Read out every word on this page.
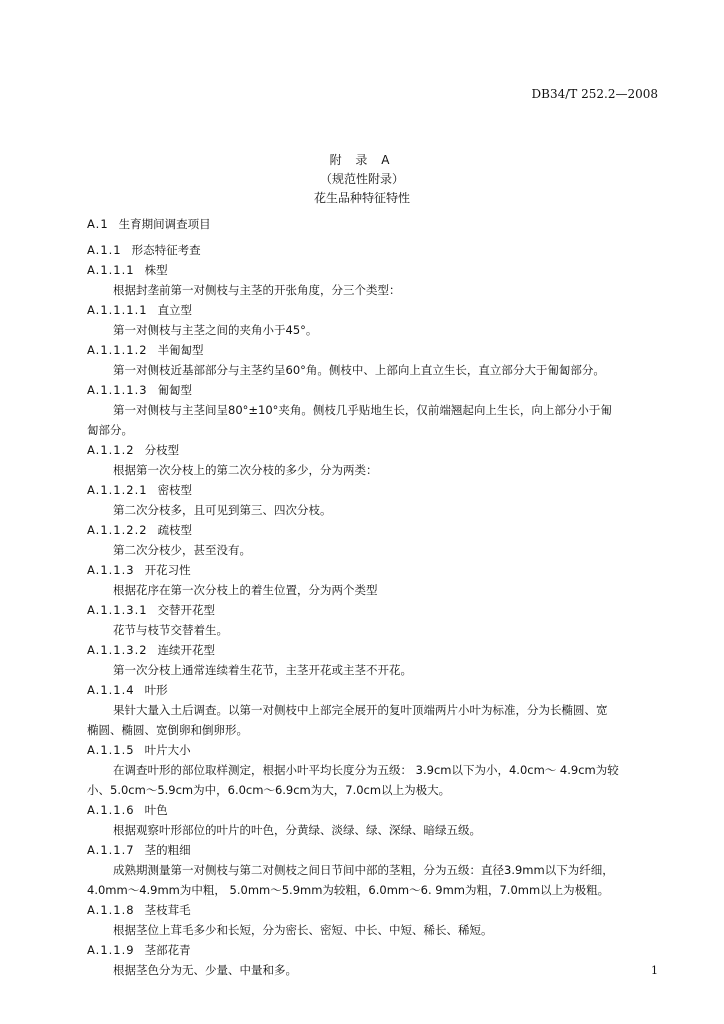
DB34/T 252.2—2008
附 录 A
（规范性附录）
花生品种特征特性
A.1 生育期间调查项目
A.1.1 形态特征考查
A.1.1.1 株型
根据封垄前第一对侧枝与主茎的开张角度，分三个类型：
A.1.1.1.1 直立型
第一对侧枝与主茎之间的夹角小于45°。
A.1.1.1.2 半匍匐型
第一对侧枝近基部部分与主茎约呈60°角。侧枝中、上部向上直立生长，直立部分大于匍匐部分。
A.1.1.1.3 匍匐型
第一对侧枝与主茎间呈80°±10°夹角。侧枝几乎贴地生长，仅前端翘起向上生长，向上部分小于匍
匐部分。
A.1.1.2 分枝型
根据第一次分枝上的第二次分枝的多少，分为两类：
A.1.1.2.1 密枝型
第二次分枝多，且可见到第三、四次分枝。
A.1.1.2.2 疏枝型
第二次分枝少，甚至没有。
A.1.1.3 开花习性
根据花序在第一次分枝上的着生位置，分为两个类型
A.1.1.3.1 交替开花型
花节与枝节交替着生。
A.1.1.3.2 连续开花型
第一次分枝上通常连续着生花节，主茎开花或主茎不开花。
A.1.1.4 叶形
果针大量入土后调查。以第一对侧枝中上部完全展开的复叶顶端两片小叶为标准，分为长椭圆、宽
椭圆、椭圆、宽倒卵和倒卵形。
A.1.1.5 叶片大小
在调查叶形的部位取样测定，根据小叶平均长度分为五级： 3.9cm以下为小，4.0cm～ 4.9cm为较
小、5.0cm～5.9cm为中，6.0cm～6.9cm为大，7.0cm以上为极大。
A.1.1.6 叶色
根据观察叶形部位的叶片的叶色，分黄绿、淡绿、绿、深绿、暗绿五级。
A.1.1.7 茎的粗细
成熟期测量第一对侧枝与第二对侧枝之间日节间中部的茎粗，分为五级：直径3.9mm以下为纤细，
4.0mm～4.9mm为中粗， 5.0mm～5.9mm为较粗，6.0mm～6. 9mm为粗，7.0mm以上为极粗。
A.1.1.8 茎枝茸毛
根据茎位上茸毛多少和长短，分为密长、密短、中长、中短、稀长、稀短。
A.1.1.9 茎部花青
根据茎色分为无、少量、中量和多。	1
